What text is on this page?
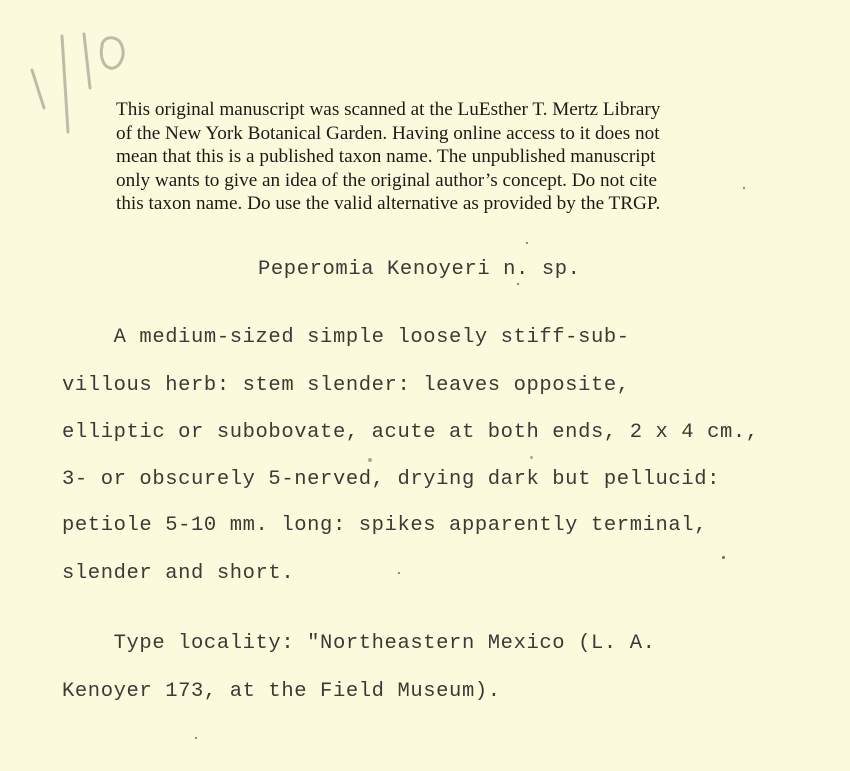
This original manuscript was scanned at the LuEsther T. Mertz Library
of the New York Botanical Garden. Having online access to it does not
mean that this is a published taxon name. The unpublished manuscript
only wants to give an idea of the original author’s concept. Do not cite
this taxon name. Do use the valid alternative as provided by the TRGP.
Peperomia Kenoyeri n. sp.
A medium-sized simple loosely stiff-sub-
villous herb: stem slender: leaves opposite,
elliptic or subobovate, acute at both ends, 2 x 4 cm.,
3- or obscurely 5-nerved, drying dark but pellucid:
petiole 5-10 mm. long: spikes apparently terminal,
slender and short.
Type locality: "Northeastern Mexico (L. A.
Kenoyer 173, at the Field Museum).
